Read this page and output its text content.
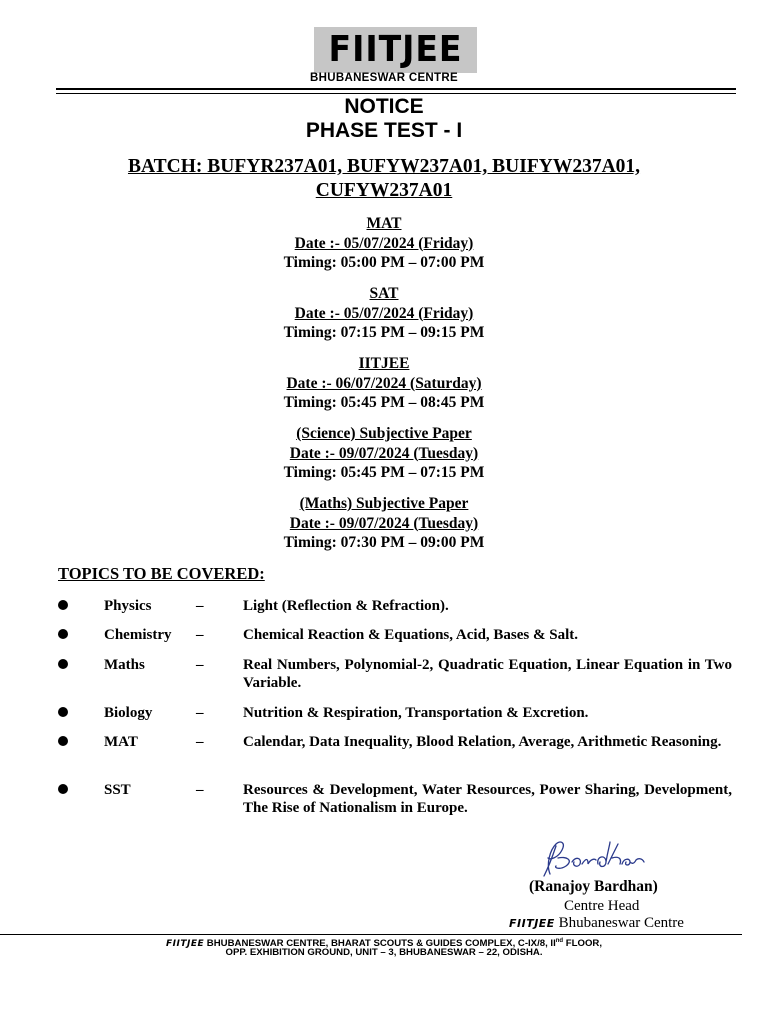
FIITJEE
BHUBANESWAR CENTRE
NOTICE
PHASE TEST - I
BATCH: BUFYR237A01, BUFYW237A01, BUIFYW237A01,
CUFYW237A01
MAT
Date :- 05/07/2024 (Friday)
Timing: 05:00 PM – 07:00 PM
SAT
Date :- 05/07/2024 (Friday)
Timing: 07:15 PM – 09:15 PM
IITJEE
Date :- 06/07/2024 (Saturday)
Timing: 05:45 PM – 08:45 PM
(Science) Subjective Paper
Date :- 09/07/2024 (Tuesday)
Timing: 05:45 PM – 07:15 PM
(Maths) Subjective Paper
Date :- 09/07/2024 (Tuesday)
Timing: 07:30 PM – 09:00 PM
TOPICS TO BE COVERED:
Physics	–	Light (Reflection & Refraction).
Chemistry –	Chemical Reaction & Equations, Acid, Bases & Salt.
Maths	–	Real Numbers, Polynomial-2, Quadratic Equation, Linear Equation in Two Variable.
Biology	–	Nutrition & Respiration, Transportation & Excretion.
MAT	–	Calendar, Data Inequality, Blood Relation, Average, Arithmetic Reasoning.
SST	–	Resources & Development, Water Resources, Power Sharing, Development, The Rise of Nationalism in Europe.
(Ranajoy Bardhan)
Centre Head
FIITJEE Bhubaneswar Centre
FIITJEE BHUBANESWAR CENTRE, BHARAT SCOUTS & GUIDES COMPLEX, C-IX/8, IInd FLOOR,
OPP. EXHIBITION GROUND, UNIT – 3, BHUBANESWAR – 22, ODISHA.
